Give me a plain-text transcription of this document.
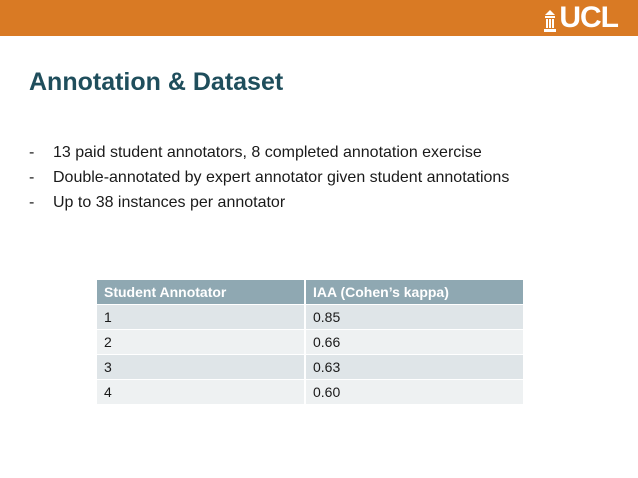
UCL
Annotation & Dataset
-	13 paid student annotators, 8 completed annotation exercise
-	Double-annotated by expert annotator given student annotations
-	Up to 38 instances per annotator
Student Annotator	IAA (Cohen’s kappa)
1	0.85
2	0.66
3	0.63
4	0.60
